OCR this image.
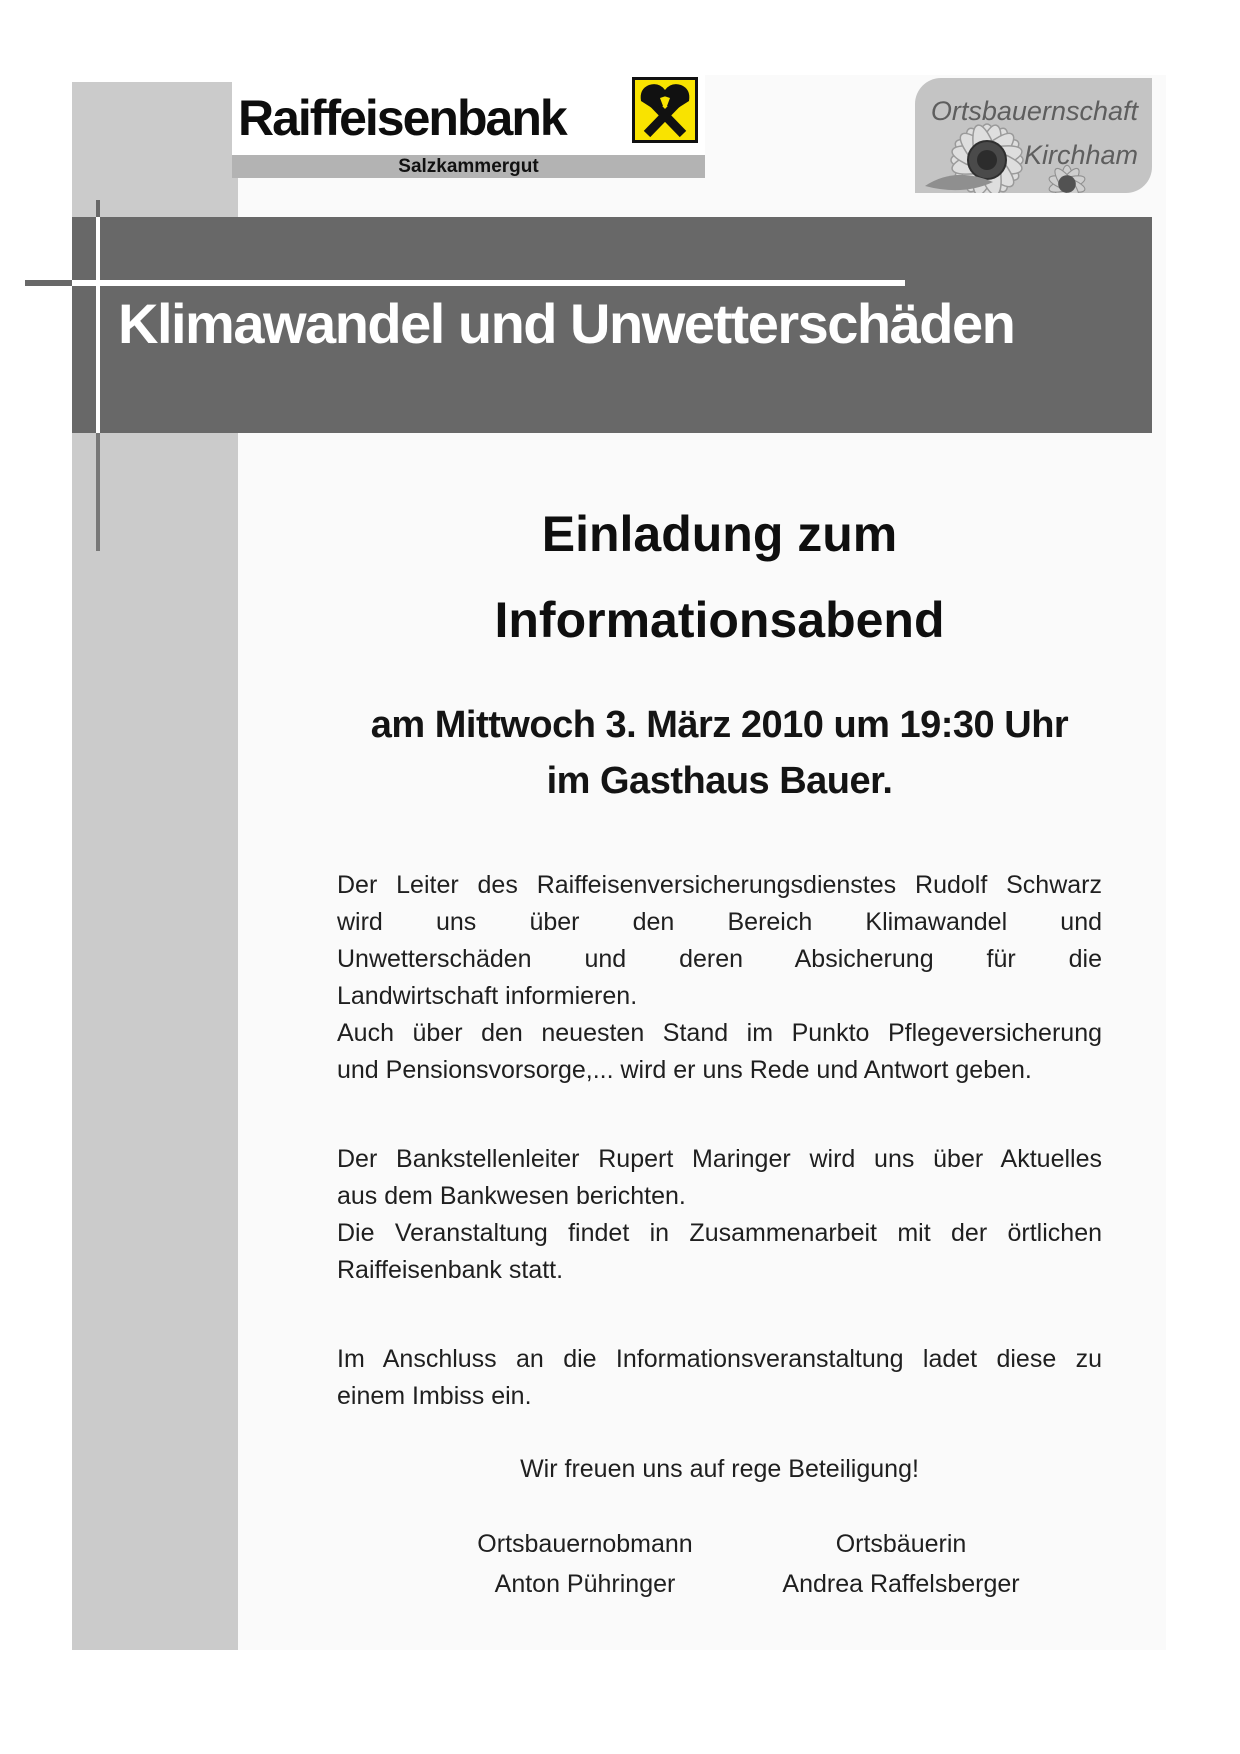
Raiffeisenbank
Salzkammergut
Ortsbauernschaft
Kirchham
Klimawandel und Unwetterschäden
Einladung zum
Informationsabend
am Mittwoch 3. März 2010 um 19:30 Uhr
im Gasthaus Bauer.
Der Leiter des Raiffeisenversicherungsdienstes Rudolf Schwarz
wird uns über den Bereich Klimawandel und
Unwetterschäden und deren Absicherung für die
Landwirtschaft informieren.
Auch über den neuesten Stand im Punkto Pflegeversicherung
und Pensionsvorsorge,... wird er uns Rede und Antwort geben.
Der Bankstellenleiter Rupert Maringer wird uns über Aktuelles
aus dem Bankwesen berichten.
Die Veranstaltung findet in Zusammenarbeit mit der örtlichen
Raiffeisenbank statt.
Im Anschluss an die Informationsveranstaltung ladet diese zu
einem Imbiss ein.
Wir freuen uns auf rege Beteiligung!
Ortsbauernobmann
Anton Pühringer
Ortsbäuerin
Andrea Raffelsberger
